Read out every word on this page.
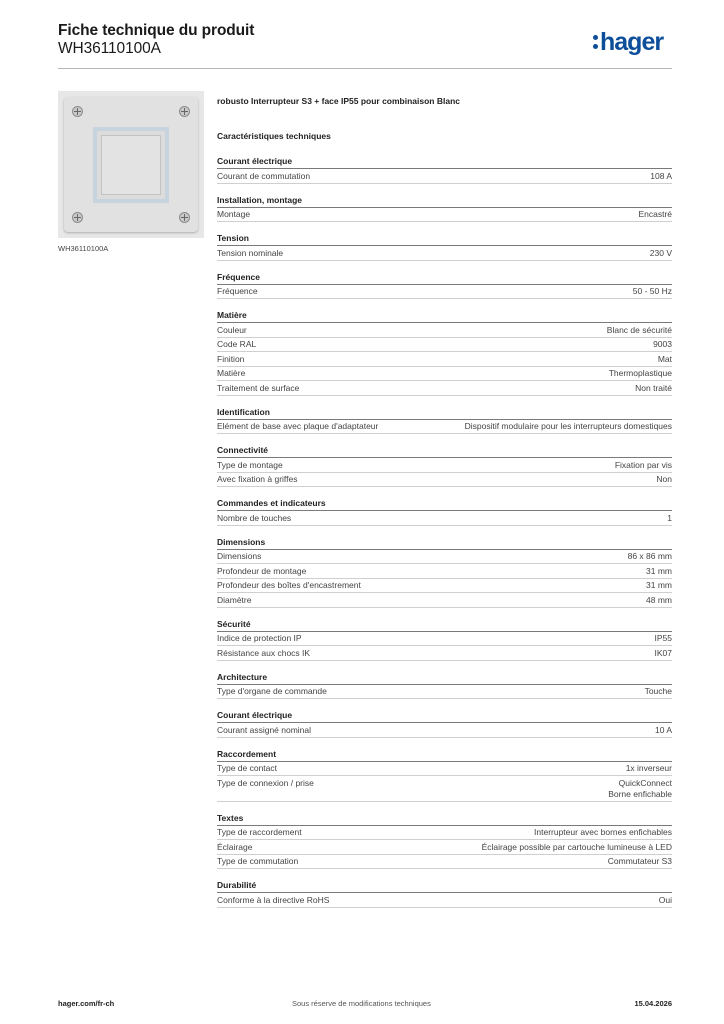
Fiche technique du produit
WH36110100A	hager
WH36110100A
robusto Interrupteur S3 + face IP55 pour combinaison Blanc
Caractéristiques techniques
Courant électrique
Courant de commutation	108 A
Installation, montage
Montage	Encastré
Tension
Tension nominale	230 V
Fréquence
Fréquence	50 - 50 Hz
Matière
Couleur	Blanc de sécurité
Code RAL	9003
Finition	Mat
Matière	Thermoplastique
Traitement de surface	Non traité
Identification
Elément de base avec plaque d'adaptateur	Dispositif modulaire pour les interrupteurs domestiques
Connectivité
Type de montage	Fixation par vis
Avec fixation à griffes	Non
Commandes et indicateurs
Nombre de touches	1
Dimensions
Dimensions	86 x 86 mm
Profondeur de montage	31 mm
Profondeur des boîtes d'encastrement	31 mm
Diamètre	48 mm
Sécurité
Indice de protection IP	IP55
Résistance aux chocs IK	IK07
Architecture
Type d'organe de commande	Touche
Courant électrique
Courant assigné nominal	10 A
Raccordement
Type de contact	1x inverseur
Type de connexion / prise	QuickConnect
Borne enfichable
Textes
Type de raccordement	Interrupteur avec bornes enfichables
Éclairage	Éclairage possible par cartouche lumineuse à LED
Type de commutation	Commutateur S3
Durabilité
Conforme à la directive RoHS	Oui
hager.com/fr-ch	Sous réserve de modifications techniques	15.04.2026
